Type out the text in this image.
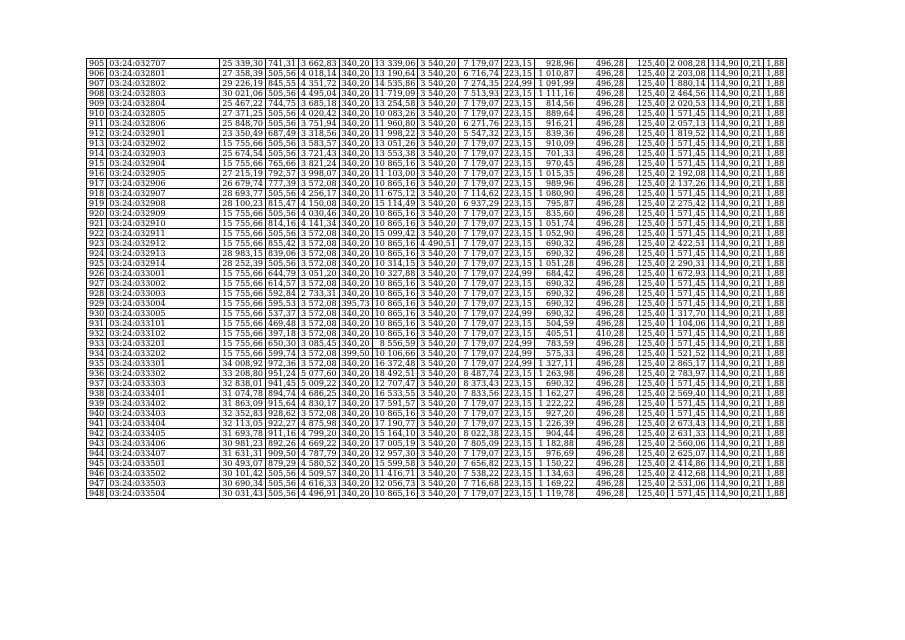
905	03:24:032707	25 339,30	741,31	3 662,83	340,20	13 339,06	3 540,20	7 179,07	223,15	928,96	496,28	125,40	2 008,28	114,90	0,21	1,88
906	03:24:032801	27 358,39	505,56	4 018,14	340,20	13 190,64	3 540,20	6 716,74	223,15	1 010,87	496,28	125,40	2 203,08	114,90	0,21	1,88
907	03:24:032802	29 226,19	845,55	4 351,72	340,20	14 535,86	3 540,20	7 274,35	224,99	1 091,99	496,28	125,40	1 880,14	114,90	0,21	1,88
908	03:24:032803	30 021,06	505,56	4 495,04	340,20	11 719,09	3 540,20	7 513,93	223,15	1 111,16	496,28	125,40	2 464,56	114,90	0,21	1,88
909	03:24:032804	25 467,22	744,75	3 685,18	340,20	13 254,58	3 540,20	7 179,07	223,15	814,56	496,28	125,40	2 020,53	114,90	0,21	1,88
910	03:24:032805	27 371,25	505,56	4 020,42	340,20	10 083,26	3 540,20	7 179,07	223,15	889,64	496,28	125,40	1 571,45	114,90	0,21	1,88
911	03:24:032806	25 848,70	505,56	3 751,94	340,20	11 960,80	3 540,20	6 271,76	223,15	916,21	496,28	125,40	2 057,13	114,90	0,21	1,88
912	03:24:032901	23 350,49	687,49	3 318,56	340,20	11 998,22	3 540,20	5 547,32	223,15	839,36	496,28	125,40	1 819,52	114,90	0,21	1,88
913	03:24:032902	15 755,66	505,56	3 583,57	340,20	13 051,26	3 540,20	7 179,07	223,15	910,09	496,28	125,40	1 571,45	114,90	0,21	1,88
914	03:24:032903	25 674,54	505,56	3 721,43	340,20	13 553,38	3 540,20	7 179,07	223,15	701,33	496,28	125,40	1 571,45	114,90	0,21	1,88
915	03:24:032904	15 755,66	765,66	3 821,24	340,20	10 865,16	3 540,20	7 179,07	223,15	970,45	496,28	125,40	1 571,45	114,90	0,21	1,88
916	03:24:032905	27 215,19	792,57	3 998,07	340,20	11 103,00	3 540,20	7 179,07	223,15	1 015,35	496,28	125,40	2 192,08	114,90	0,21	1,88
917	03:24:032906	26 679,74	777,39	3 572,08	340,20	10 865,16	3 540,20	7 179,07	223,15	989,96	496,28	125,40	2 137,26	114,90	0,21	1,88
918	03:24:032907	28 693,77	505,56	4 256,17	340,20	11 675,12	3 540,20	7 114,62	223,15	1 080,90	496,28	125,40	1 571,45	114,90	0,21	1,88
919	03:24:032908	28 100,23	815,47	4 150,08	340,20	15 114,49	3 540,20	6 937,29	223,15	795,87	496,28	125,40	2 275,42	114,90	0,21	1,88
920	03:24:032909	15 755,66	505,56	4 030,46	340,20	10 865,16	3 540,20	7 179,07	223,15	835,60	496,28	125,40	1 571,45	114,90	0,21	1,88
921	03:24:032910	15 755,66	814,16	4 141,34	340,20	10 865,16	3 540,20	7 179,07	223,15	1 051,74	496,28	125,40	1 571,45	114,90	0,21	1,88
922	03:24:032911	15 755,66	505,56	3 572,08	340,20	15 099,42	3 540,20	7 179,07	223,15	1 052,90	496,28	125,40	1 571,45	114,90	0,21	1,88
923	03:24:032912	15 755,66	855,42	3 572,08	340,20	10 865,16	4 490,51	7 179,07	223,15	690,32	496,28	125,40	2 422,51	114,90	0,21	1,88
924	03:24:032913	28 983,15	839,06	3 572,08	340,20	10 865,16	3 540,20	7 179,07	223,15	690,32	496,28	125,40	1 571,45	114,90	0,21	1,88
925	03:24:032914	28 252,39	505,56	3 572,08	340,20	10 314,15	3 540,20	7 179,07	223,15	1 051,28	496,28	125,40	2 290,31	114,90	0,21	1,88
926	03:24:033001	15 755,66	644,79	3 051,20	340,20	10 327,88	3 540,20	7 179,07	224,99	684,42	496,28	125,40	1 672,93	114,90	0,21	1,88
927	03:24:033002	15 755,66	614,57	3 572,08	340,20	10 865,16	3 540,20	7 179,07	223,15	690,32	496,28	125,40	1 571,45	114,90	0,21	1,88
928	03:24:033003	15 755,66	592,84	2 733,31	340,20	10 865,16	3 540,20	7 179,07	223,15	690,32	496,28	125,40	1 571,45	114,90	0,21	1,88
929	03:24:033004	15 755,66	595,53	3 572,08	395,73	10 865,16	3 540,20	7 179,07	223,15	690,32	496,28	125,40	1 571,45	114,90	0,21	1,88
930	03:24:033005	15 755,66	537,37	3 572,08	340,20	10 865,16	3 540,20	7 179,07	224,99	690,32	496,28	125,40	1 317,70	114,90	0,21	1,88
931	03:24:033101	15 755,66	469,48	3 572,08	340,20	10 865,16	3 540,20	7 179,07	223,15	504,59	496,28	125,40	1 104,06	114,90	0,21	1,88
932	03:24:033102	15 755,66	397,18	3 572,08	340,20	10 865,16	3 540,20	7 179,07	223,15	405,51	410,28	125,40	1 571,45	114,90	0,21	1,88
933	03:24:033201	15 755,66	650,30	3 085,45	340,20	8 556,59	3 540,20	7 179,07	224,99	783,59	496,28	125,40	1 571,45	114,90	0,21	1,88
934	03:24:033202	15 755,66	599,74	3 572,08	399,50	10 106,66	3 540,20	7 179,07	224,99	575,33	496,28	125,40	1 521,52	114,90	0,21	1,88
935	03:24:033301	34 008,92	972,36	3 572,08	340,20	16 372,48	3 540,20	7 179,07	224,99	1 327,11	496,28	125,40	2 865,17	114,90	0,21	1,88
936	03:24:033302	33 208,80	951,24	5 077,60	340,20	18 492,51	3 540,20	8 487,74	223,15	1 263,98	496,28	125,40	2 783,97	114,90	0,21	1,88
937	03:24:033303	32 838,01	941,45	5 009,22	340,20	12 707,47	3 540,20	8 373,43	223,15	690,32	496,28	125,40	1 571,45	114,90	0,21	1,88
938	03:24:033401	31 074,78	894,74	4 686,25	340,20	16 533,55	3 540,20	7 833,56	223,15	1 162,27	496,28	125,40	2 569,40	114,90	0,21	1,88
939	03:24:033402	31 863,09	915,64	4 830,17	340,20	17 591,57	3 540,20	7 179,07	223,15	1 222,22	496,28	125,40	1 571,45	114,90	0,21	1,88
940	03:24:033403	32 352,83	928,62	3 572,08	340,20	10 865,16	3 540,20	7 179,07	223,15	927,20	496,28	125,40	1 571,45	114,90	0,21	1,88
941	03:24:033404	32 113,05	922,27	4 875,98	340,20	17 190,77	3 540,20	7 179,07	223,15	1 226,39	496,28	125,40	2 673,43	114,90	0,21	1,88
942	03:24:033405	31 693,78	911,16	4 799,20	340,20	15 164,10	3 540,20	8 022,38	223,15	904,44	496,28	125,40	2 631,33	114,90	0,21	1,88
943	03:24:033406	30 981,23	892,26	4 669,22	340,20	17 005,19	3 540,20	7 805,09	223,15	1 182,88	496,28	125,40	2 560,06	114,90	0,21	1,88
944	03:24:033407	31 631,31	909,50	4 787,79	340,20	12 957,30	3 540,20	7 179,07	223,15	976,69	496,28	125,40	2 625,07	114,90	0,21	1,88
945	03:24:033501	30 493,07	879,29	4 580,52	340,20	15 599,58	3 540,20	7 656,82	223,15	1 150,22	496,28	125,40	2 414,86	114,90	0,21	1,88
946	03:24:033502	30 101,42	505,56	4 509,57	340,20	11 416,71	3 540,20	7 538,22	223,15	1 134,63	496,28	125,40	2 412,68	114,90	0,21	1,88
947	03:24:033503	30 690,34	505,56	4 616,33	340,20	12 056,73	3 540,20	7 716,68	223,15	1 169,22	496,28	125,40	2 531,06	114,90	0,21	1,88
948	03:24:033504	30 031,43	505,56	4 496,91	340,20	10 865,16	3 540,20	7 179,07	223,15	1 119,78	496,28	125,40	1 571,45	114,90	0,21	1,88
